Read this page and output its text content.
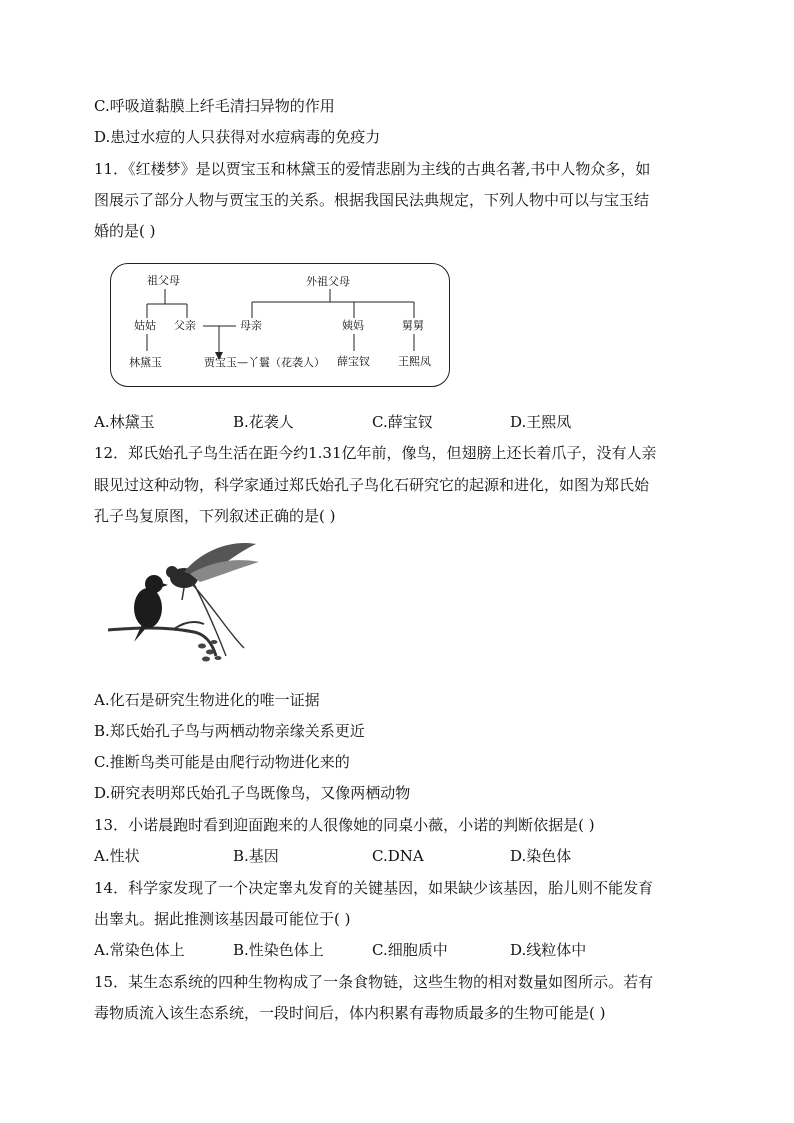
C.呼吸道黏膜上纤毛清扫异物的作用
D.患过水痘的人只获得对水痘病毒的免疫力
11．《红楼梦》是以贾宝玉和林黛玉的爱情悲剧为主线的古典名著,书中人物众多，如
图展示了部分人物与贾宝玉的关系。根据我国民法典规定，下列人物中可以与宝玉结
婚的是( )
祖父母	外祖父母
姑姑 父亲	母亲	姨妈	舅舅
林黛玉	贾宝玉—丫鬟（花袭人） 薛宝钗	王熙凤
A.林黛玉	B.花袭人	C.薛宝钗	D.王熙凤
12．郑氏始孔子鸟生活在距今约1.31亿年前，像鸟，但翅膀上还长着爪子，没有人亲
眼见过这种动物，科学家通过郑氏始孔子鸟化石研究它的起源和进化，如图为郑氏始
孔子鸟复原图，下列叙述正确的是( )
A.化石是研究生物进化的唯一证据
B.郑氏始孔子鸟与两栖动物亲缘关系更近
C.推断鸟类可能是由爬行动物进化来的
D.研究表明郑氏始孔子鸟既像鸟，又像两栖动物
13．小诺晨跑时看到迎面跑来的人很像她的同桌小薇，小诺的判断依据是( )
A.性状	B.基因	C.DNA	D.染色体
14．科学家发现了一个决定睾丸发育的关键基因，如果缺少该基因，胎儿则不能发育
出睾丸。据此推测该基因最可能位于( )
A.常染色体上	B.性染色体上	C.细胞质中	D.线粒体中
15．某生态系统的四种生物构成了一条食物链，这些生物的相对数量如图所示。若有
毒物质流入该生态系统，一段时间后，体内积累有毒物质最多的生物可能是( )
